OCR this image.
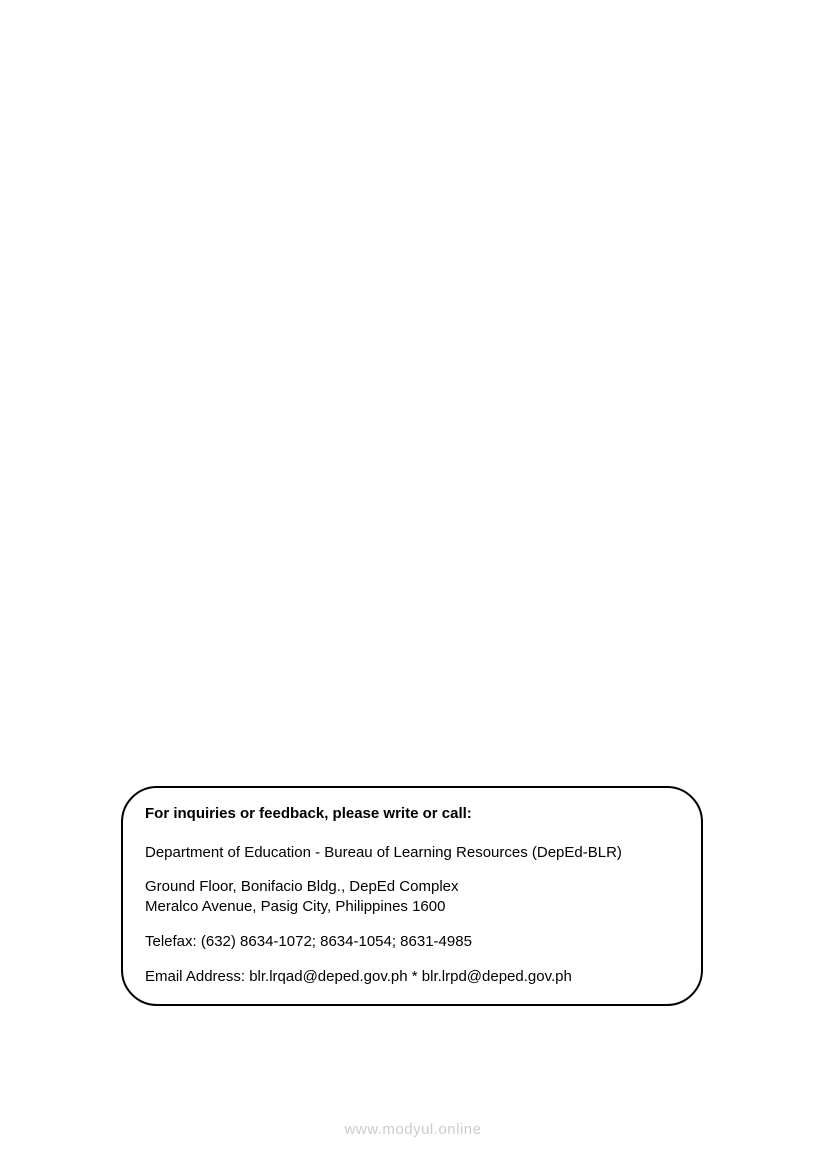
For inquiries or feedback, please write or call:

Department of Education - Bureau of Learning Resources (DepEd-BLR)

Ground Floor, Bonifacio Bldg., DepEd Complex

Meralco Avenue, Pasig City, Philippines 1600

Telefax: (632) 8634-1072; 8634-1054; 8631-4985

Email Address: blr.lrqad@deped.gov.ph * blr.lrpd@deped.gov.ph

www.modyul.online
